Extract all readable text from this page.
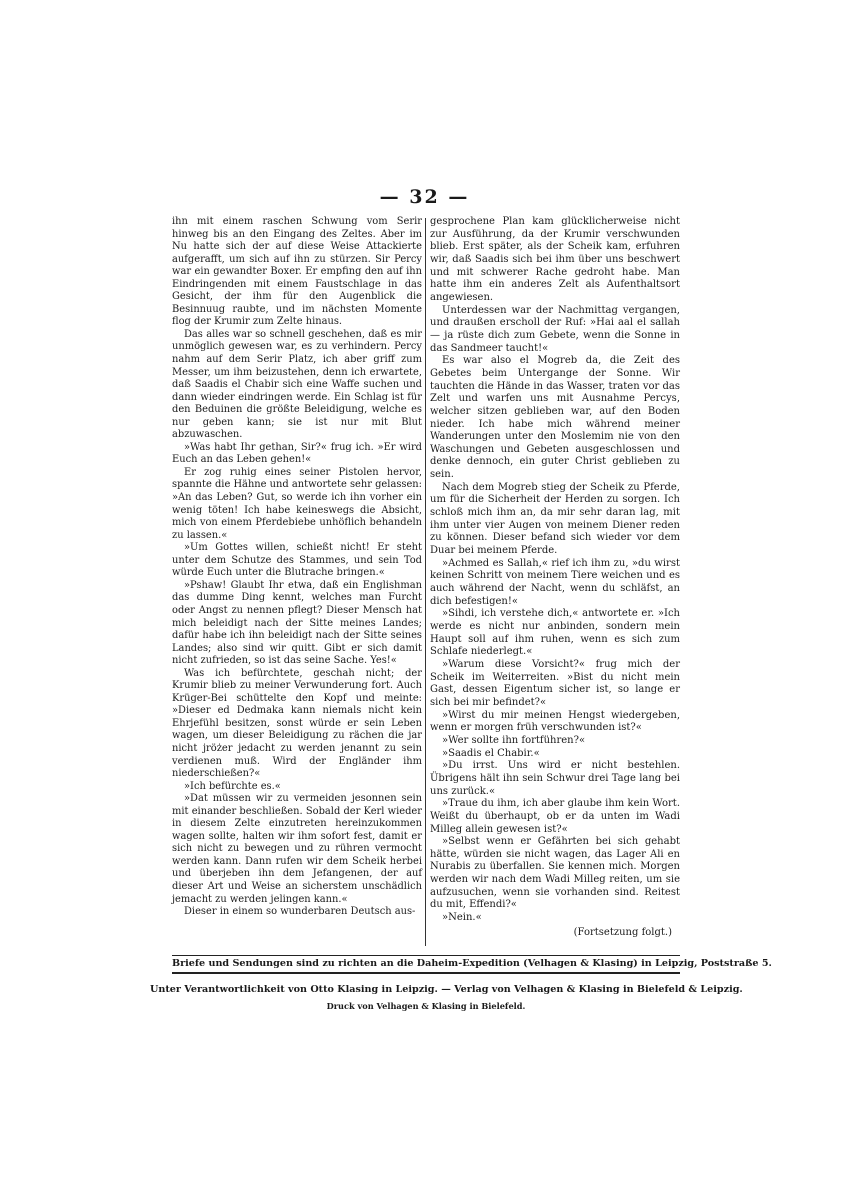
— 32 —

ihn mit einem raschen Schwung vom Serir hinweg bis an den Eingang des Zeltes. Aber im Nu hatte sich der auf diese Weise Attackierte aufgerafft, um sich auf ihn zu stürzen. Sir Percy war ein gewandter Boxer. Er empfing den auf ihn Eindringenden mit einem Faustschlage in das Gesicht, der ihm für den Augenblick die Besinnuug raubte, und im nächsten Momente flog der Krumir zum Zelte hinaus.

Das alles war so schnell geschehen, daß es mir unmöglich gewesen war, es zu verhindern. Percy nahm auf dem Serir Platz, ich aber griff zum Messer, um ihm beizustehen, denn ich erwartete, daß Saadis el Chabir sich eine Waffe suchen und dann wieder eindringen werde. Ein Schlag ist für den Beduinen die größte Beleidigung, welche es nur geben kann; sie ist nur mit Blut abzuwaschen.

»Was habt Ihr gethan, Sir?« frug ich. »Er wird Euch an das Leben gehen!«

Er zog ruhig eines seiner Pistolen hervor, spannte die Hähne und antwortete sehr gelassen: »An das Leben? Gut, so werde ich ihn vorher ein wenig töten! Ich habe keineswegs die Absicht, mich von einem Pferdebiebe unhöflich behandeln zu lassen.«

»Um Gottes willen, schießt nicht! Er steht unter dem Schutze des Stammes, und sein Tod würde Euch unter die Blutrache bringen.«

»Pshaw! Glaubt Ihr etwa, daß ein Englishman das dumme Ding kennt, welches man Furcht oder Angst zu nennen pflegt? Dieser Mensch hat mich beleidigt nach der Sitte meines Landes; dafür habe ich ihn beleidigt nach der Sitte seines Landes; also sind wir quitt. Gibt er sich damit nicht zufrieden, so ist das seine Sache. Yes!«

Was ich befürchtete, geschah nicht; der Krumir blieb zu meiner Verwunderung fort. Auch Krüger-Bei schüttelte den Kopf und meinte: »Dieser ed Dedmaka kann niemals nicht kein Ehrjefühl besitzen, sonst würde er sein Leben wagen, um dieser Beleidigung zu rächen die jar nicht jröżer jedacht zu werden jenannt zu sein verdienen muß. Wird der Engländer ihm niederschießen?«

»Ich befürchte es.«

»Dat müssen wir zu vermeiden jesonnen sein mit einander beschließen. Sobald der Kerl wieder in diesem Zelte einzutreten hereinzukommen wagen sollte, halten wir ihm sofort fest, damit er sich nicht zu bewegen und zu rühren vermocht werden kann. Dann rufen wir dem Scheik herbei und überjeben ihn dem Jefangenen, der auf dieser Art und Weise an sicherstem unschädlich jemacht zu werden jelingen kann.«

Dieser in einem so wunderbaren Deutsch aus-

gesprochene Plan kam glücklicherweise nicht zur Ausführung, da der Krumir verschwunden blieb. Erst später, als der Scheik kam, erfuhren wir, daß Saadis sich bei ihm über uns beschwert und mit schwerer Rache gedroht habe. Man hatte ihm ein anderes Zelt als Aufenthaltsort angewiesen.

Unterdessen war der Nachmittag vergangen, und draußen erscholl der Ruf: »Hai aal el sallah — ja rüste dich zum Gebete, wenn die Sonne in das Sandmeer taucht!«

Es war also el Mogreb da, die Zeit des Gebetes beim Untergange der Sonne. Wir tauchten die Hände in das Wasser, traten vor das Zelt und warfen uns mit Ausnahme Percys, welcher sitzen geblieben war, auf den Boden nieder. Ich habe mich während meiner Wanderungen unter den Moslemim nie von den Waschungen und Gebeten ausgeschlossen und denke dennoch, ein guter Christ geblieben zu sein.

Nach dem Mogreb stieg der Scheik zu Pferde, um für die Sicherheit der Herden zu sorgen. Ich schloß mich ihm an, da mir sehr daran lag, mit ihm unter vier Augen von meinem Diener reden zu können. Dieser befand sich wieder vor dem Duar bei meinem Pferde.

»Achmed es Sallah,« rief ich ihm zu, »du wirst keinen Schritt von meinem Tiere weichen und es auch während der Nacht, wenn du schläfst, an dich befestigen!«

»Sihdi, ich verstehe dich,« antwortete er. »Ich werde es nicht nur anbinden, sondern mein Haupt soll auf ihm ruhen, wenn es sich zum Schlafe niederlegt.«

»Warum diese Vorsicht?« frug mich der Scheik im Weiterreiten. »Bist du nicht mein Gast, dessen Eigentum sicher ist, so lange er sich bei mir befindet?«

»Wirst du mir meinen Hengst wiedergeben, wenn er morgen früh verschwunden ist?«

»Wer sollte ihn fortführen?«

»Saadis el Chabir.«

»Du irrst. Uns wird er nicht bestehlen. Übrigens hält ihn sein Schwur drei Tage lang bei uns zurück.«

»Traue du ihm, ich aber glaube ihm kein Wort. Weißt du überhaupt, ob er da unten im Wadi Milleg allein gewesen ist?«

»Selbst wenn er Gefährten bei sich gehabt hätte, würden sie nicht wagen, das Lager Ali en Nurabis zu überfallen. Sie kennen mich. Morgen werden wir nach dem Wadi Milleg reiten, um sie aufzusuchen, wenn sie vorhanden sind. Reitest du mit, Effendi?«

»Nein.«

(Fortsetzung folgt.)
Briefe und Sendungen sind zu richten an die Daheim-Expedition (Velhagen & Klasing) in Leipzig, Poststraße 5.
Unter Verantwortlichkeit von Otto Klasing in Leipzig. — Verlag von Velhagen & Klasing in Bielefeld & Leipzig.
Druck von Velhagen & Klasing in Bielefeld.
